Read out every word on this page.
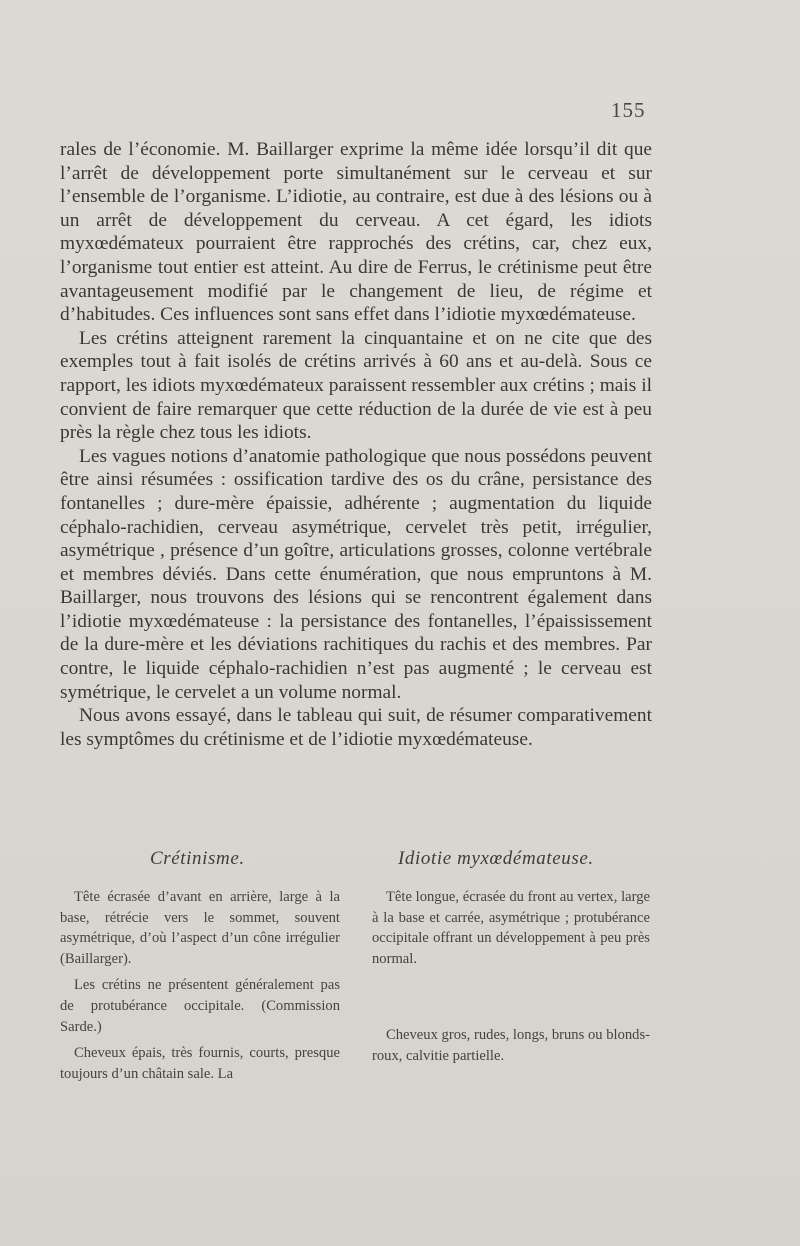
155

rales de l’économie. M. Baillarger exprime la même idée lorsqu’il dit que l’arrêt de développement porte simultanément sur le cerveau et sur l’ensemble de l’organisme. L’idiotie, au contraire, est due à des lésions ou à un arrêt de développement du cerveau. A cet égard, les idiots myxœdémateux pourraient être rapprochés des crétins, car, chez eux, l’organisme tout entier est atteint. Au dire de Ferrus, le crétinisme peut être avantageusement modifié par le changement de lieu, de régime et d’habitudes. Ces influences sont sans effet dans l’idiotie myxœdémateuse.

Les crétins atteignent rarement la cinquantaine et on ne cite que des exemples tout à fait isolés de crétins arrivés à 60 ans et au-delà. Sous ce rapport, les idiots myxœdémateux paraissent ressembler aux crétins ; mais il convient de faire remarquer que cette réduction de la durée de vie est à peu près la règle chez tous les idiots.

Les vagues notions d’anatomie pathologique que nous possédons peuvent être ainsi résumées : ossification tardive des os du crâne, persistance des fontanelles ; dure-mère épaissie, adhérente ; augmentation du liquide céphalo-rachidien, cerveau asymétrique, cervelet très petit, irrégulier, asymétrique , présence d’un goître, articulations grosses, colonne vertébrale et membres déviés. Dans cette énumération, que nous empruntons à M. Baillarger, nous trouvons des lésions qui se rencontrent également dans l’idiotie myxœdémateuse : la persistance des fontanelles, l’épaississement de la dure-mère et les déviations rachitiques du rachis et des membres. Par contre, le liquide céphalo-rachidien n’est pas augmenté ; le cerveau est symétrique, le cervelet a un volume normal.

Nous avons essayé, dans le tableau qui suit, de résumer comparativement les symptômes du crétinisme et de l’idiotie myxœdémateuse.

Crétinisme.	Idiotie myxœdémateuse.

Tête écrasée d’avant en arrière, large à la base, rétrécie vers le sommet, souvent asymétrique, d’où l’aspect d’un cône irrégulier (Baillarger).

Les crétins ne présentent généralement pas de protubérance occipitale. (Commission Sarde.)

Cheveux épais, très fournis, courts, presque toujours d’un châtain sale. La

Tête longue, écrasée du front au vertex, large à la base et carrée, asymétrique ; protubérance occipitale offrant un développement à peu près normal.

Cheveux gros, rudes, longs, bruns ou blonds-roux, calvitie partielle.
